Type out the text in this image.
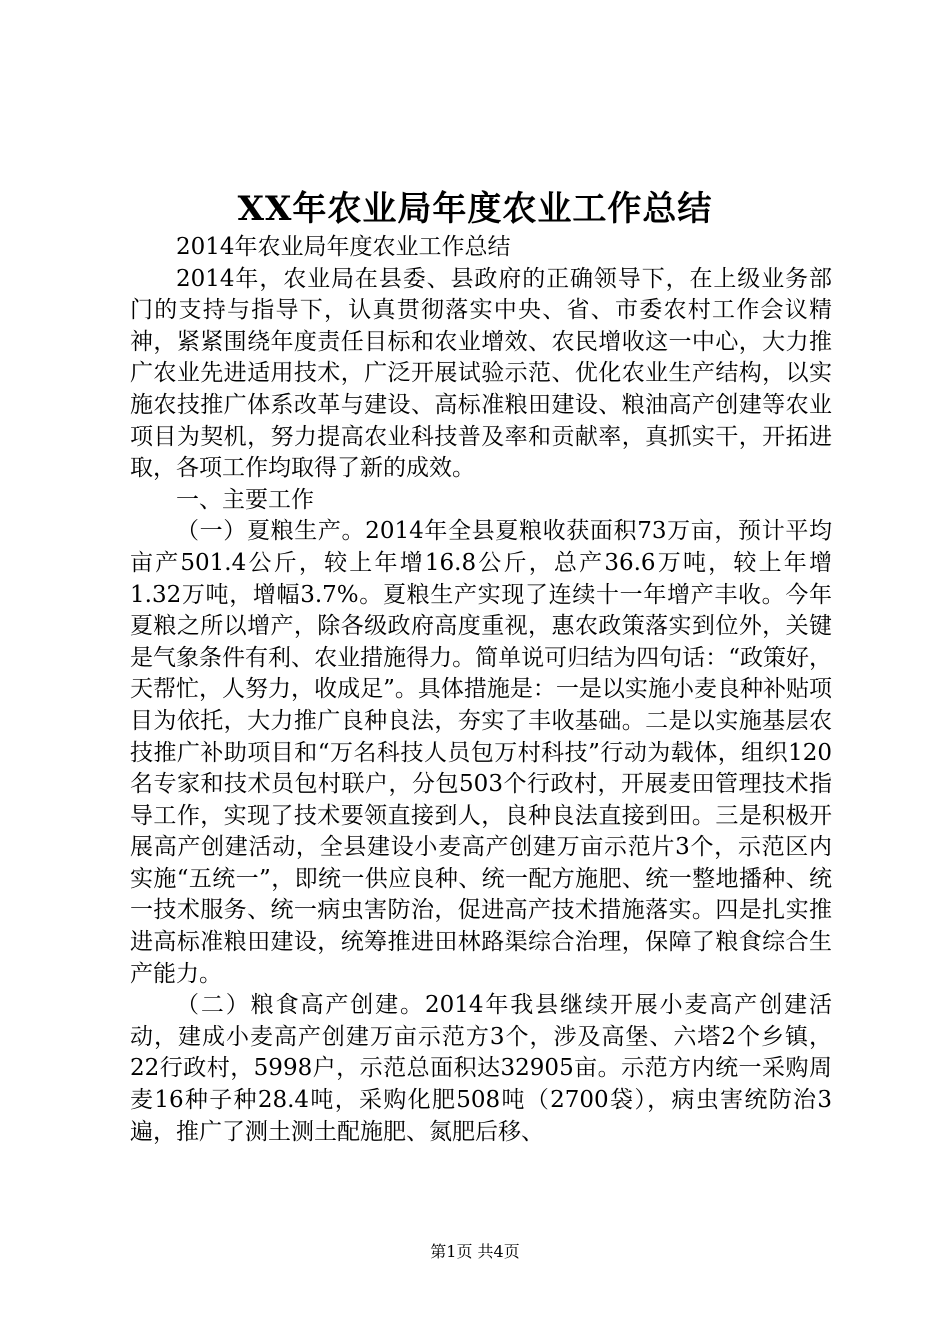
XX年农业局年度农业工作总结

2014年农业局年度农业工作总结

2014年，农业局在县委、县政府的正确领导下，在上级业务部门的支持与指导下，认真贯彻落实中央、省、市委农村工作会议精神，紧紧围绕年度责任目标和农业增效、农民增收这一中心，大力推广农业先进适用技术，广泛开展试验示范、优化农业生产结构，以实施农技推广体系改革与建设、高标准粮田建设、粮油高产创建等农业项目为契机，努力提高农业科技普及率和贡献率，真抓实干，开拓进取，各项工作均取得了新的成效。

一、主要工作

（一）夏粮生产。2014年全县夏粮收获面积73万亩，预计平均亩产501.4公斤，较上年增16.8公斤，总产36.6万吨，较上年增1.32万吨，增幅3.7%。夏粮生产实现了连续十一年增产丰收。今年夏粮之所以增产，除各级政府高度重视，惠农政策落实到位外，关键是气象条件有利、农业措施得力。简单说可归结为四句话：“政策好，天帮忙，人努力，收成足”。具体措施是：一是以实施小麦良种补贴项目为依托，大力推广良种良法，夯实了丰收基础。二是以实施基层农技推广补助项目和“万名科技人员包万村科技”行动为载体，组织120名专家和技术员包村联户，分包503个行政村，开展麦田管理技术指导工作，实现了技术要领直接到人，良种良法直接到田。三是积极开展高产创建活动，全县建设小麦高产创建万亩示范片3个，示范区内实施“五统一”，即统一供应良种、统一配方施肥、统一整地播种、统一技术服务、统一病虫害防治，促进高产技术措施落实。四是扎实推进高标准粮田建设，统筹推进田林路渠综合治理，保障了粮食综合生产能力。

（二）粮食高产创建。2014年我县继续开展小麦高产创建活动，建成小麦高产创建万亩示范方3个，涉及高堡、六塔2个乡镇，22行政村，5998户，示范总面积达32905亩。示范方内统一采购周麦16种子种28.4吨，采购化肥508吨（2700袋），病虫害统防治3遍，推广了测土测土配施肥、氮肥后移、

第1页 共4页
